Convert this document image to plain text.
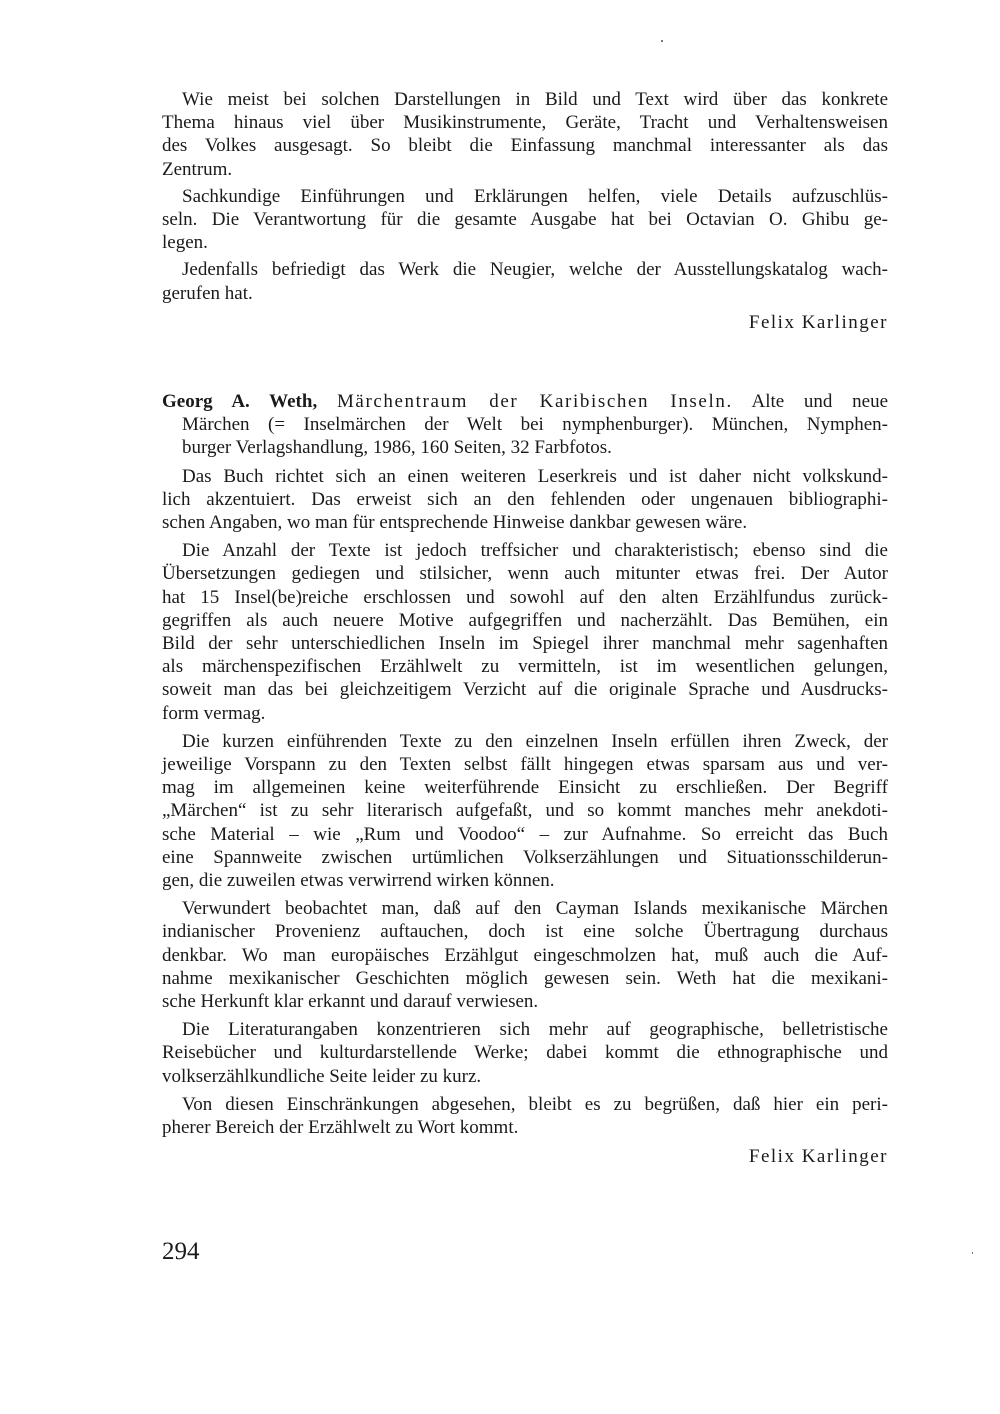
Wie meist bei solchen Darstellungen in Bild und Text wird über das konkrete
Thema hinaus viel über Musikinstrumente, Geräte, Tracht und Verhaltensweisen
des Volkes ausgesagt. So bleibt die Einfassung manchmal interessanter als das
Zentrum.
Sachkundige Einführungen und Erklärungen helfen, viele Details aufzuschlüs-
seln. Die Verantwortung für die gesamte Ausgabe hat bei Octavian O. Ghibu ge-
legen.
Jedenfalls befriedigt das Werk die Neugier, welche der Ausstellungskatalog wach-
gerufen hat.
Felix Karlinger
Georg A. Weth, Märchentraum der Karibischen Inseln. Alte und neue
Märchen (= Inselmärchen der Welt bei nymphenburger). München, Nymphen-
burger Verlagshandlung, 1986, 160 Seiten, 32 Farbfotos.
Das Buch richtet sich an einen weiteren Leserkreis und ist daher nicht volkskund-
lich akzentuiert. Das erweist sich an den fehlenden oder ungenauen bibliographi-
schen Angaben, wo man für entsprechende Hinweise dankbar gewesen wäre.
Die Anzahl der Texte ist jedoch treffsicher und charakteristisch; ebenso sind die
Übersetzungen gediegen und stilsicher, wenn auch mitunter etwas frei. Der Autor
hat 15 Insel(be)reiche erschlossen und sowohl auf den alten Erzählfundus zurück-
gegriffen als auch neuere Motive aufgegriffen und nacherzählt. Das Bemühen, ein
Bild der sehr unterschiedlichen Inseln im Spiegel ihrer manchmal mehr sagenhaften
als märchenspezifischen Erzählwelt zu vermitteln, ist im wesentlichen gelungen,
soweit man das bei gleichzeitigem Verzicht auf die originale Sprache und Ausdrucks-
form vermag.
Die kurzen einführenden Texte zu den einzelnen Inseln erfüllen ihren Zweck, der
jeweilige Vorspann zu den Texten selbst fällt hingegen etwas sparsam aus und ver-
mag im allgemeinen keine weiterführende Einsicht zu erschließen. Der Begriff
„Märchen“ ist zu sehr literarisch aufgefaßt, und so kommt manches mehr anekdoti-
sche Material – wie „Rum und Voodoo“ – zur Aufnahme. So erreicht das Buch
eine Spannweite zwischen urtümlichen Volkserzählungen und Situationsschilderun-
gen, die zuweilen etwas verwirrend wirken können.
Verwundert beobachtet man, daß auf den Cayman Islands mexikanische Märchen
indianischer Provenienz auftauchen, doch ist eine solche Übertragung durchaus
denkbar. Wo man europäisches Erzählgut eingeschmolzen hat, muß auch die Auf-
nahme mexikanischer Geschichten möglich gewesen sein. Weth hat die mexikani-
sche Herkunft klar erkannt und darauf verwiesen.
Die Literaturangaben konzentrieren sich mehr auf geographische, belletristische
Reisebücher und kulturdarstellende Werke; dabei kommt die ethnographische und
volkserzählkundliche Seite leider zu kurz.
Von diesen Einschränkungen abgesehen, bleibt es zu begrüßen, daß hier ein peri-
pherer Bereich der Erzählwelt zu Wort kommt.
Felix Karlinger
294
